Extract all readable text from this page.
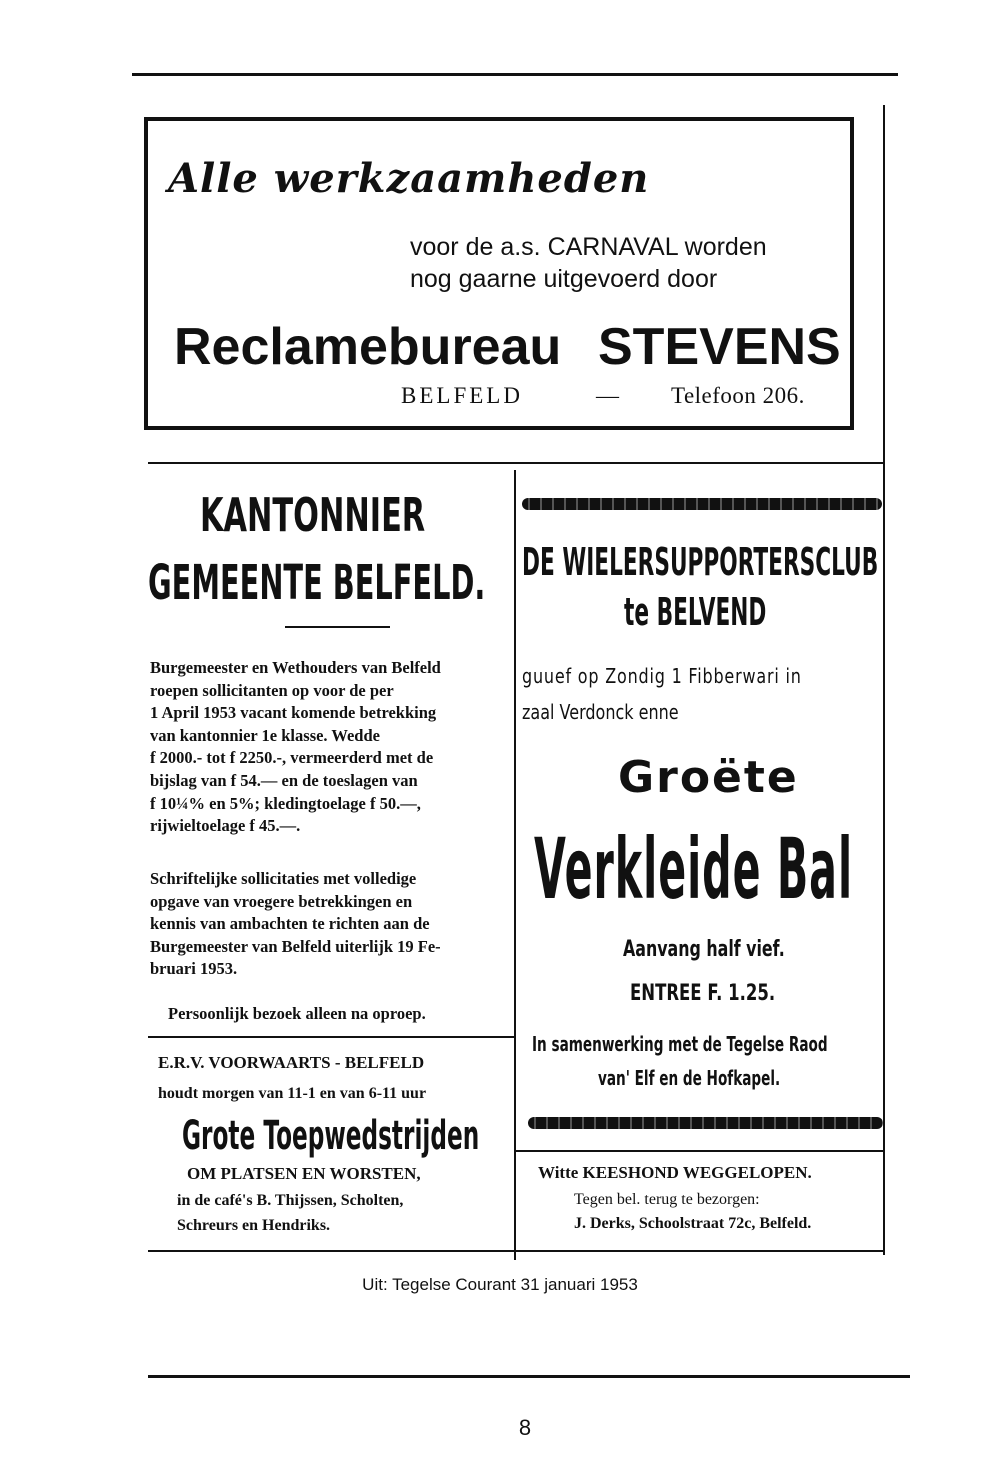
Alle werkzaamheden
voor de a.s. CARNAVAL worden
nog gaarne uitgevoerd door
Reclamebureau STEVENS
BELFELD	— Telefoon 206.
KANTONNIER
GEMEENTE BELFELD.
Burgemeester en Wethouders van Belfeld
roepen sollicitanten op voor de per
1 April 1953 vacant komende betrekking
van kantonnier 1e klasse. Wedde
f 2000.- tot f 2250.-, vermeerderd met de
bijslag van f 54.— en de toeslagen van
f 10¼% en 5%; kledingtoelage f 50.—,
rijwieltoelage f 45.—.
Schriftelijke sollicitaties met volledige
opgave van vroegere betrekkingen en
kennis van ambachten te richten aan de
Burgemeester van Belfeld uiterlijk 19 Fe-
bruari 1953.
Persoonlijk bezoek alleen na oproep.
E.R.V. VOORWAARTS - BELFELD
houdt morgen van 11-1 en van 6-11 uur
Grote Toepwedstrijden
OM PLATSEN EN WORSTEN,
in de café's B. Thijssen, Scholten,
Schreurs en Hendriks.
DE WIELERSUPPORTERSCLUB
te BELVEND
guuef op Zondig 1 Fibberwari in
zaal Verdonck enne
Groëte
Verkleide Bal
Aanvang half vief.
ENTREE F. 1.25.
In samenwerking met de Tegelse Raod
van' Elf en de Hofkapel.
Witte KEESHOND WEGGELOPEN.
Tegen bel. terug te bezorgen:
J. Derks, Schoolstraat 72c, Belfeld.
Uit: Tegelse Courant 31 januari 1953
8
